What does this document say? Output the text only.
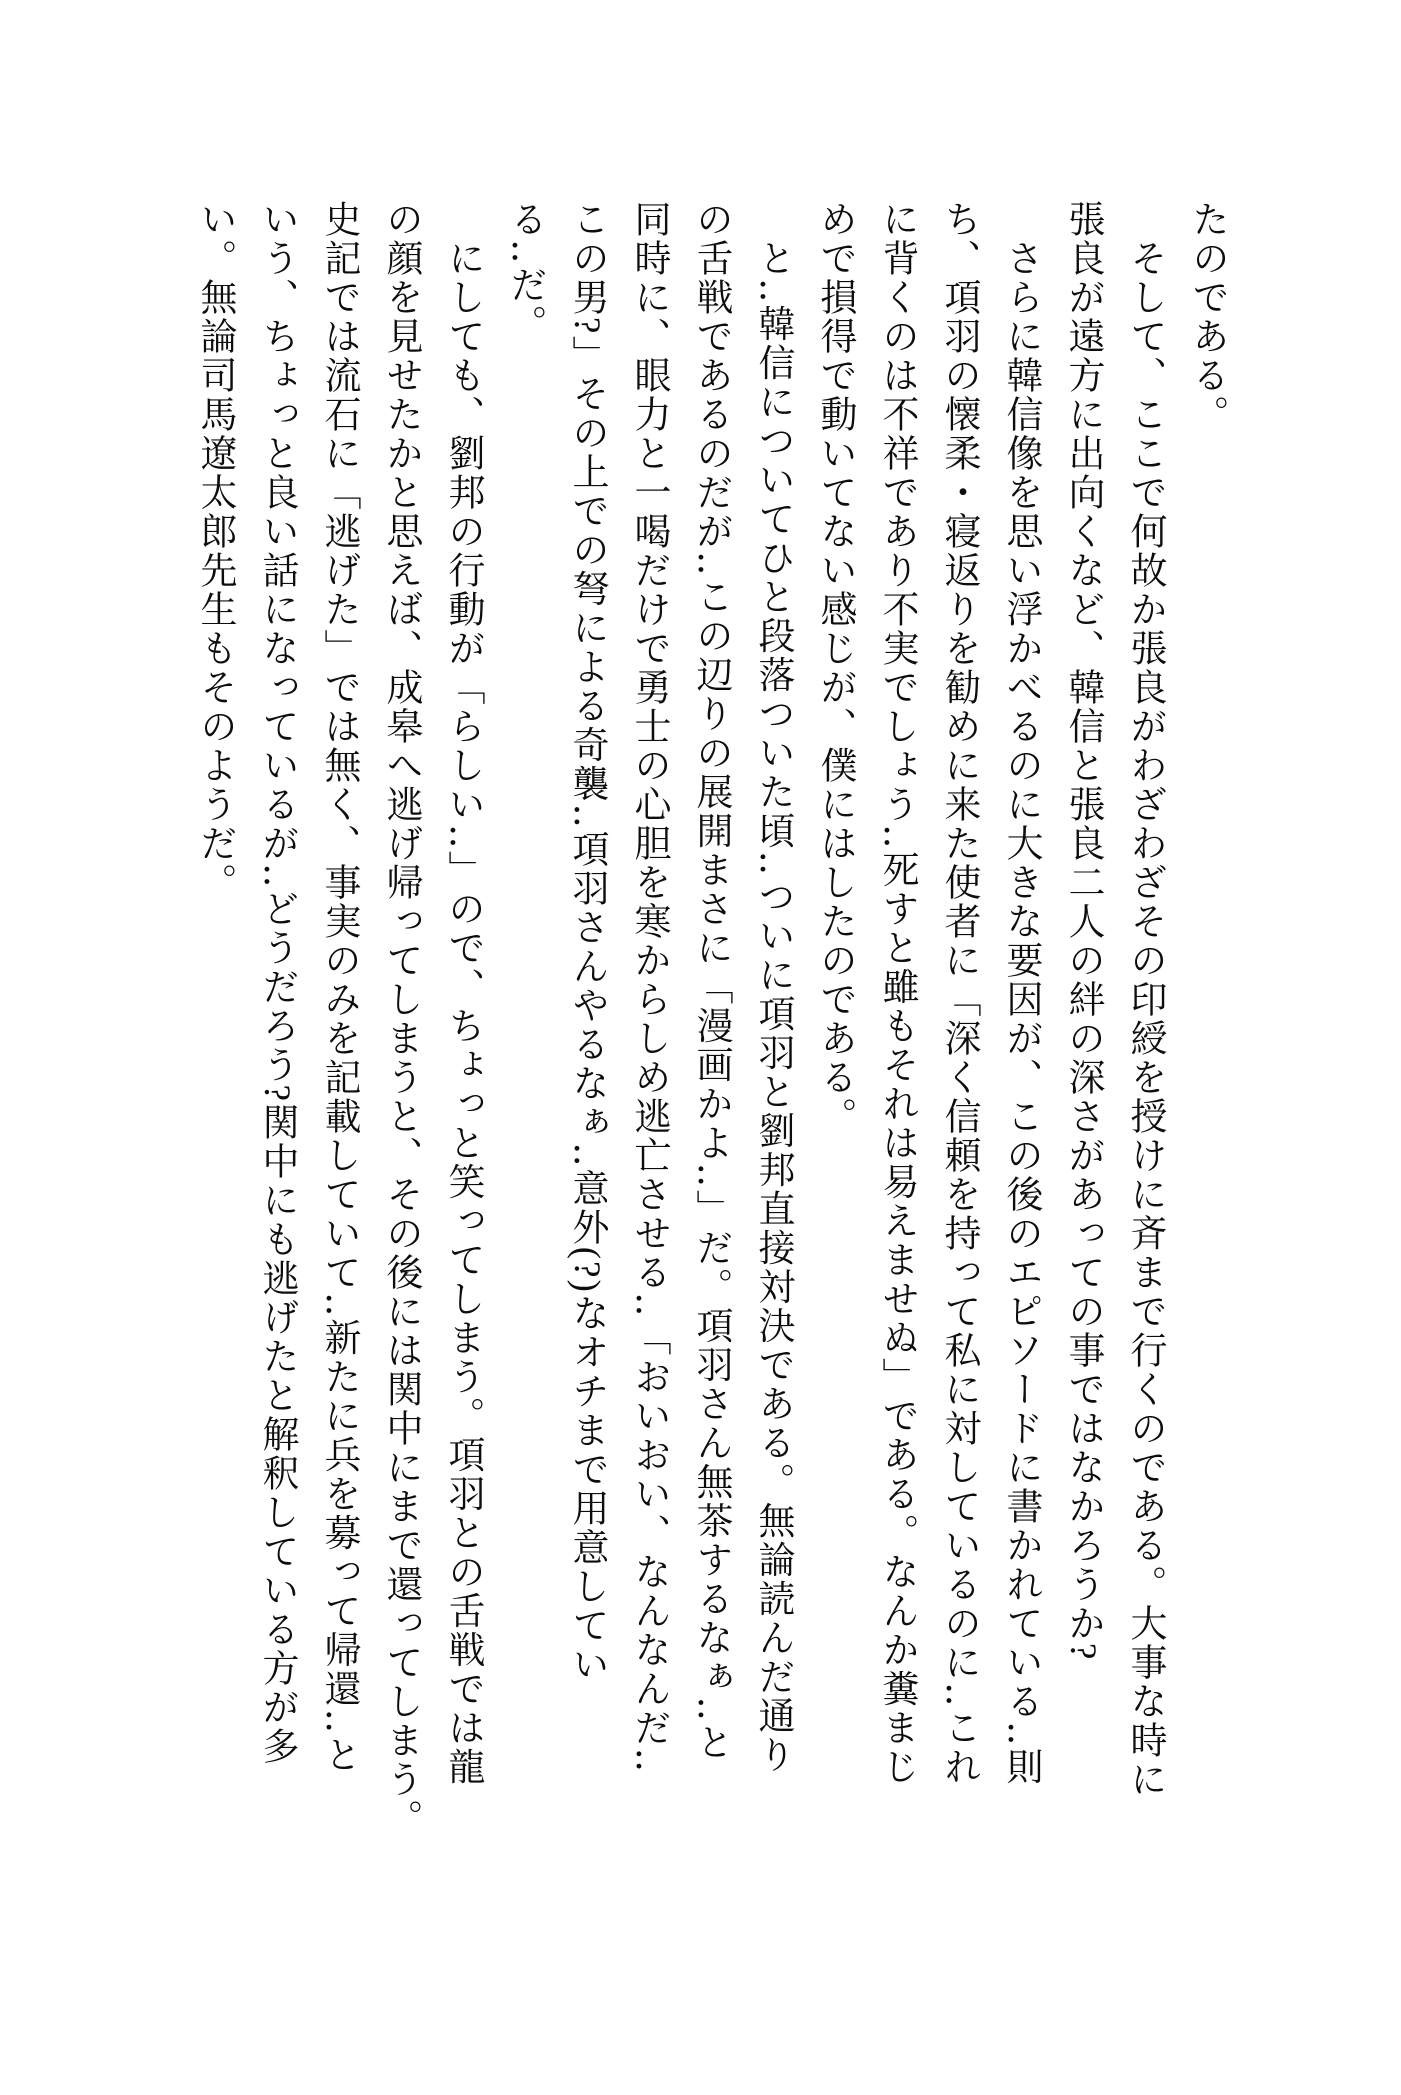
たのである。
そして、ここで何故か張良がわざわざその印綬を授けに斉まで行くのである。大事な時に
張良が遠方に出向くなど、韓信と張良二人の絆の深さがあっての事ではなかろうか?
さらに韓信像を思い浮かべるのに大きな要因が、この後のエピソードに書かれている‥則
ち、項羽の懐柔・寝返りを勧めに来た使者に「深く信頼を持って私に対しているのに‥これ
に背くのは不祥であり不実でしょう‥死すと雖もそれは易えませぬ」である。なんか糞まじ
めで損得で動いてない感じが、僕にはしたのである。
と‥韓信についてひと段落ついた頃‥ついに項羽と劉邦直接対決である。無論読んだ通り
の舌戦であるのだが‥この辺りの展開まさに「漫画かよ‥」だ。項羽さん無茶するなぁ‥と
同時に、眼力と一喝だけで勇士の心胆を寒からしめ逃亡させる‥「おいおい、なんなんだ‥
この男?」その上での弩による奇襲‥項羽さんやるなぁ‥意外(?)なオチまで用意してい
る‥だ。
にしても、劉邦の行動が「らしい‥」ので、ちょっと笑ってしまう。項羽との舌戦では龍
の顔を見せたかと思えば、成皋へ逃げ帰ってしまうと、その後には関中にまで還ってしまう。
史記では流石に「逃げた」では無く、事実のみを記載していて‥新たに兵を募って帰還‥と
いう、ちょっと良い話になっているが‥どうだろう?関中にも逃げたと解釈している方が多
い。無論司馬遼太郎先生もそのようだ。
